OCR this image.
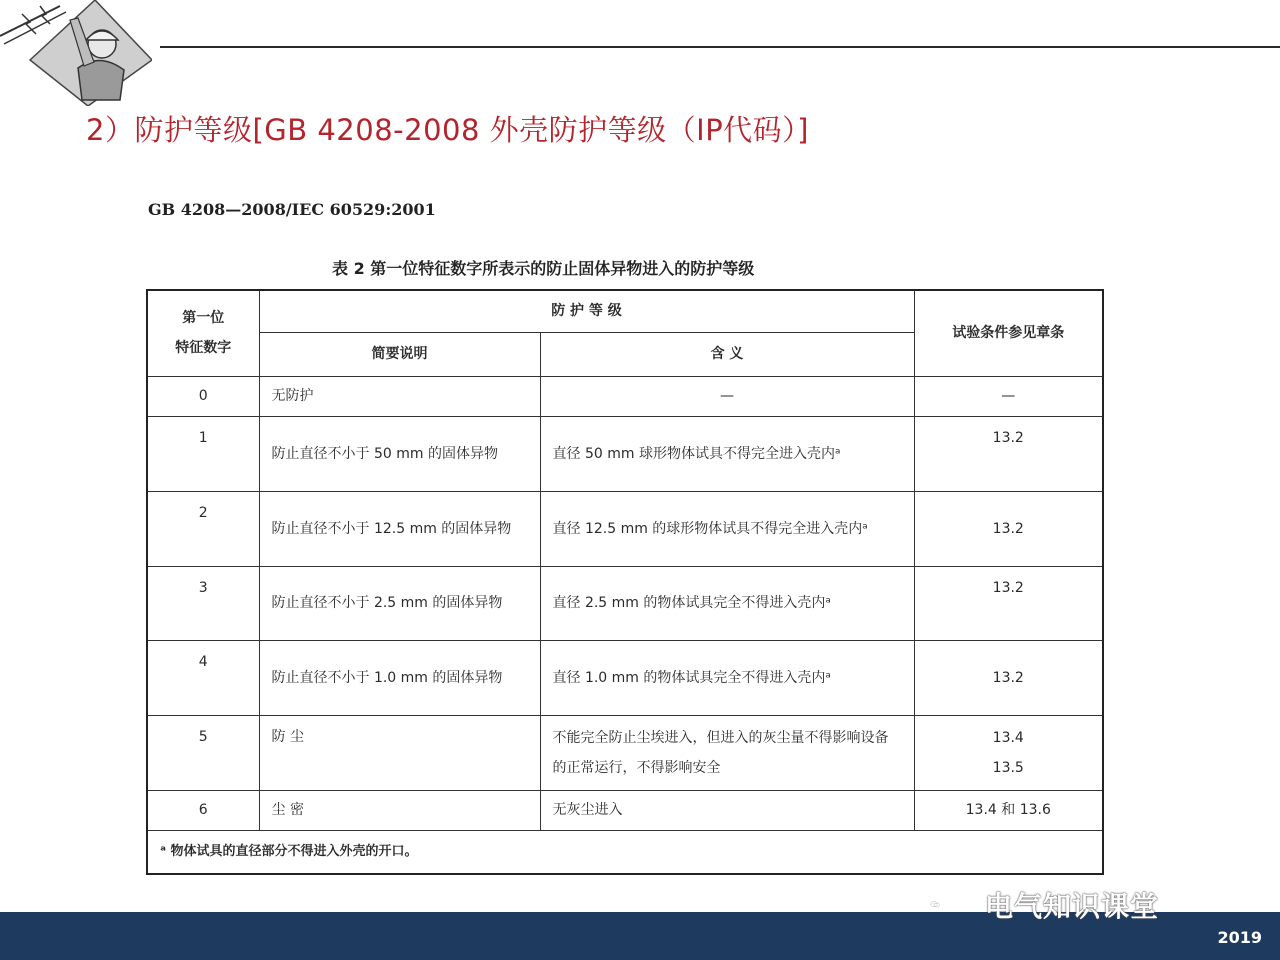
2）防护等级[GB 4208-2008 外壳防护等级（IP代码）]
GB 4208—2008/IEC 60529:2001
表 2 第一位特征数字所表示的防止固体异物进入的防护等级
第一位
特征数字	防 护 等 级		试验条件参见章条
	简要说明	含 义	
0	无防护	—	—
1	防止直径不小于 50 mm 的固体异物	直径 50 mm 球形物体试具不得完全进入壳内ᵃ	13.2
2	防止直径不小于 12.5 mm 的固体异物	直径 12.5 mm 的球形物体试具不得完全进入壳内ᵃ	13.2
3	防止直径不小于 2.5 mm 的固体异物	直径 2.5 mm 的物体试具完全不得进入壳内ᵃ	13.2
4	防止直径不小于 1.0 mm 的固体异物	直径 1.0 mm 的物体试具完全不得进入壳内ᵃ	13.2
5	防 尘	不能完全防止尘埃进入，但进入的灰尘量不得影响设备的正常运行，不得影响安全	13.4
13.5

6	尘 密	无灰尘进入	13.4 和 13.6
ᵃ 物体试具的直径部分不得进入外壳的开口。			
电气知识课堂
2019
